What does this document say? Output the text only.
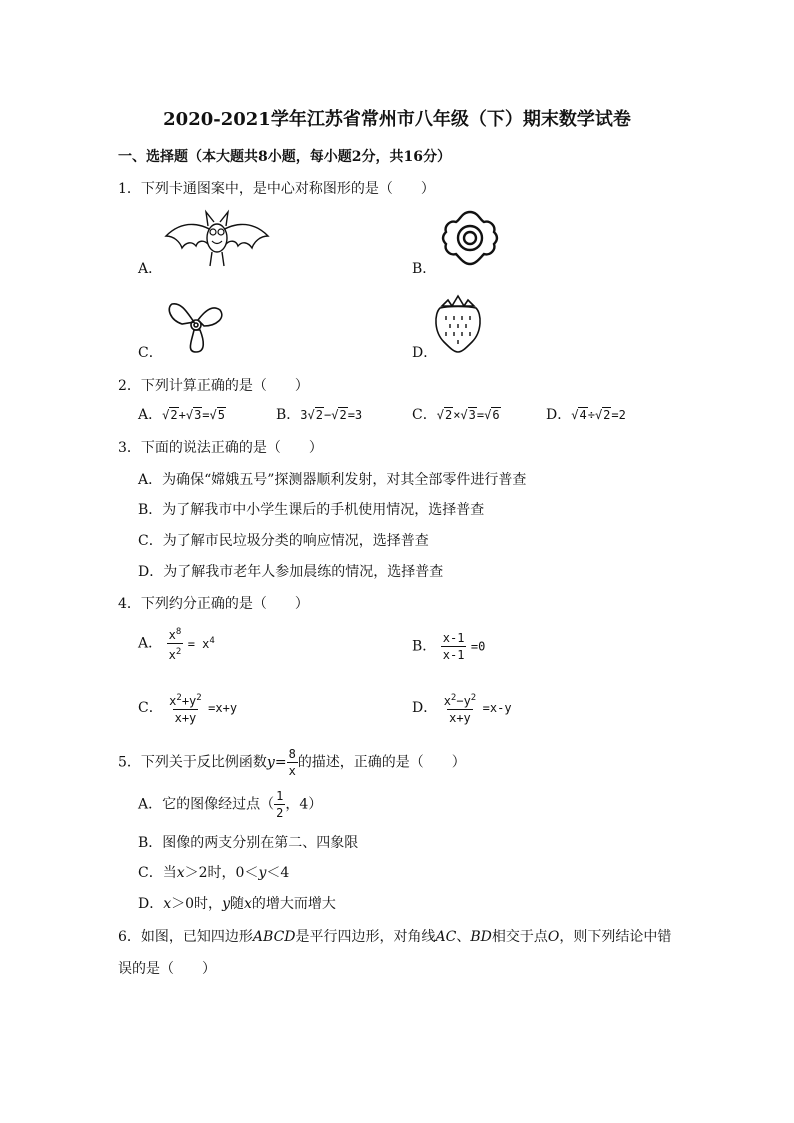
2020-2021学年江苏省常州市八年级（下）期末数学试卷
一、选择题（本大题共8小题，每小题2分，共16分）
1．下列卡通图案中，是中心对称图形的是（　　）
A．	B．
C．	D．
2．下列计算正确的是（　　）
A．√2+√3=√5	B．3√2−√2=3	C．√2×√3=√6	D．√4÷√2=2
3．下面的说法正确的是（　　）
A．为确保“嫦娥五号”探测器顺利发射，对其全部零件进行普查
B．为了解我市中小学生课后的手机使用情况，选择普查
C．为了解市民垃圾分类的响应情况，选择普查
D．为了解我市老年人参加晨练的情况，选择普查
4．下列约分正确的是（　　）
A． $\frac{x^8}{x^2} = x^4$	B． $\frac{x-1}{x-1} =0$
C． $\frac{x^2+y^2}{x+y} =x+y$	D． $\frac{x^2-y^2}{x+y} =x-y$
5．下列关于反比例函数$y= \frac{8}{x}$ 的描述，正确的是（　　）
A．它的图像经过点（ $\frac{1}{2}$ ，4）
B．图像的两支分别在第二、四象限
C．当x＞2时，0＜y＜4
D．x＞0时，y随x的增大而增大
6．如图，已知四边形ABCD是平行四边形，对角线AC、BD相交于点O，则下列结论中错
误的是（　　）
